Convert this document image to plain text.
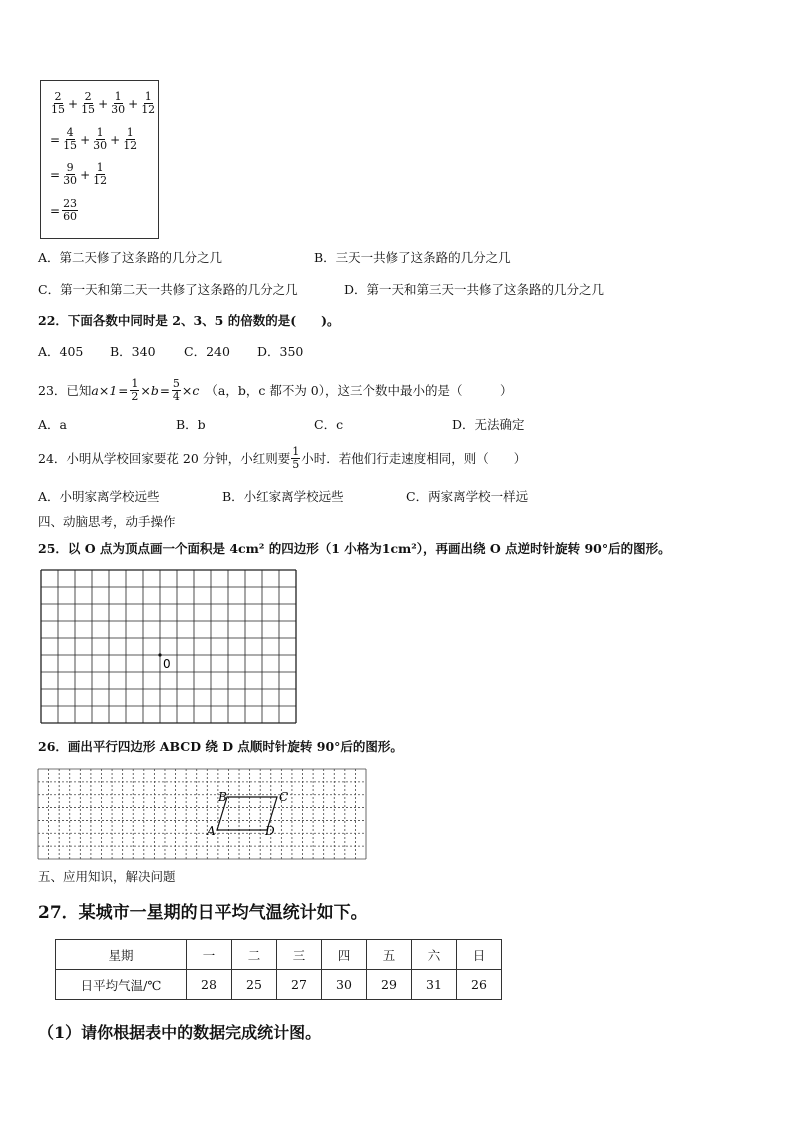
$\frac{2}{15} + \frac{2}{15} + \frac{1}{30} + \frac{1}{12}$
= $\frac{4}{15} + \frac{1}{30} + \frac{1}{12}$
= $\frac{9}{30} + \frac{1}{12}$
= $\frac{23}{60}$
A．第二天修了这条路的几分之几	B．三天一共修了这条路的几分之几
C．第一天和第二天一共修了这条路的几分之几	D．第一天和第三天一共修了这条路的几分之几
22．下面各数中同时是 2、3、5 的倍数的是(　　)。
A．405 B．340 C．240 D．350
23．已知 $a\times 1 = \frac{1}{2} \times b = \frac{5}{4} \times c$ （a，b，c 都不为 0），这三个数中最小的是（　　　）
A．a	B．b	C．c	D．无法确定
24．小明从学校回家要花 20 分钟，小红则要 $\frac{1}{5}$ 小时．若他们行走速度相同，则（　　）
A．小明家离学校远些	B．小红家离学校远些	C．两家离学校一样远
四、动脑思考，动手操作
25．以 O 点为顶点画一个面积是 4cm² 的四边形（1 小格为1cm²），再画出绕 O 点逆时针旋转 90°后的图形。
0
26．画出平行四边形 ABCD 绕 D 点顺时针旋转 90°后的图形。
B	C
A	D
五、应用知识，解决问题
27．某城市一星期的日平均气温统计如下。
星期	一	二	三	四	五	六	日
日平均气温/℃	28	25	27	30	29	31	26
（1）请你根据表中的数据完成统计图。
